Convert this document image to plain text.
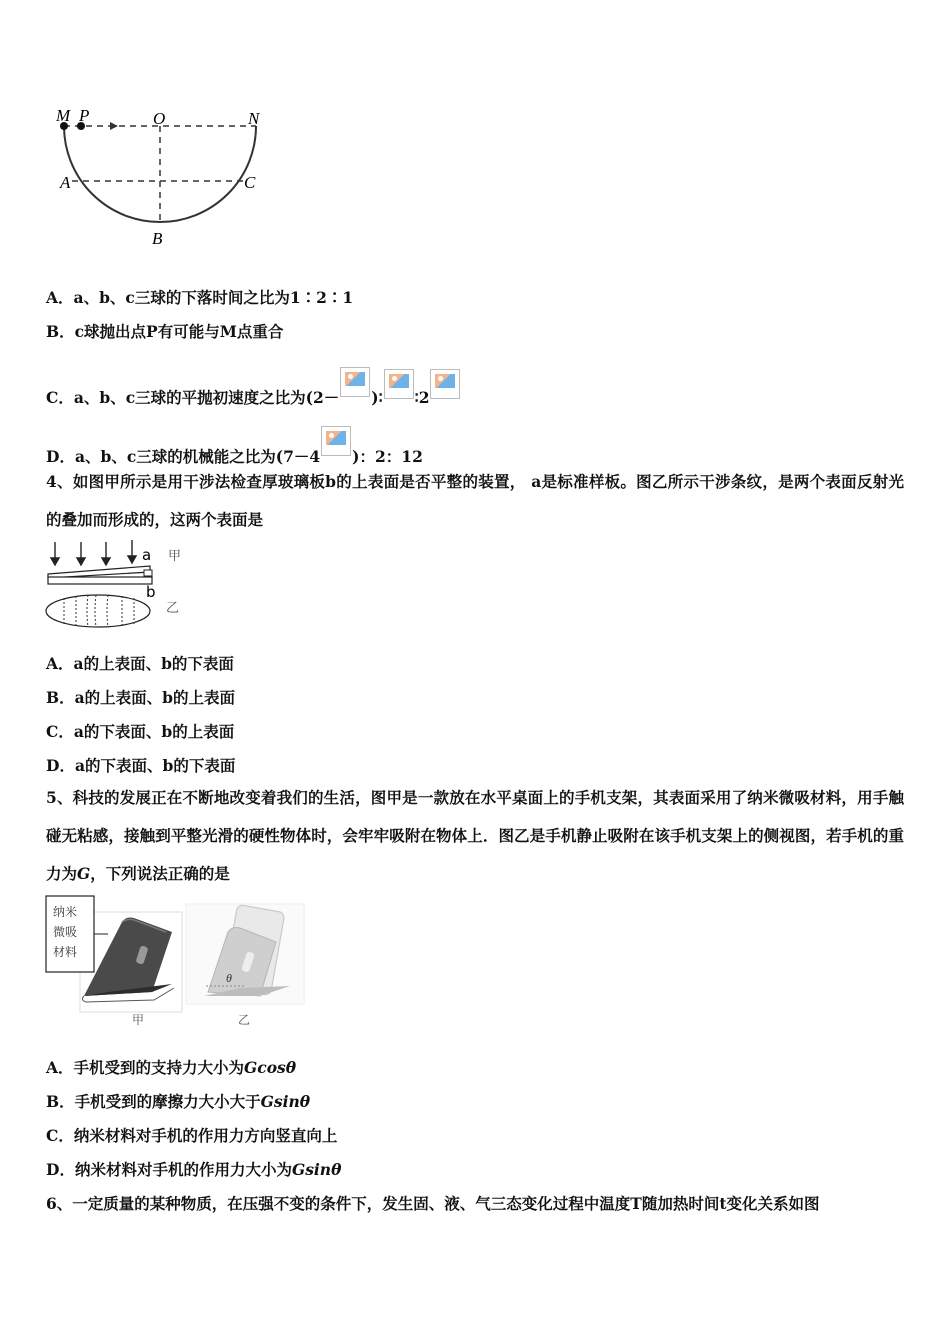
M P	O	N
A	C
B
A．a、b、c三球的下落时间之比为1∶2∶1
B．c球抛出点P有可能与M点重合
C．a、b、c三球的平抛初速度之比为(2－ )∶ ∶2
D．a、b、c三球的机械能之比为(7－4 )：2：12
4、如图甲所示是用干涉法检查厚玻璃板b的上表面是否平整的装置， a是标准样板。图乙所示干涉条纹，是两个表面反射光的叠加而形成的，这两个表面是
a
b
甲
乙
A．a的上表面、b的下表面
B．a的上表面、b的上表面
C．a的下表面、b的上表面
D．a的下表面、b的下表面
5、科技的发展正在不断地改变着我们的生活，图甲是一款放在水平桌面上的手机支架，其表面采用了纳米微吸材料，用手触碰无粘感，接触到平整光滑的硬性物体时，会牢牢吸附在物体上．图乙是手机静止吸附在该手机支架上的侧视图，若手机的重力为G，下列说法正确的是
纳米
微吸
材料
甲
θ
乙
A．手机受到的支持力大小为Gcosθ
B．手机受到的摩擦力大小大于Gsinθ
C．纳米材料对手机的作用力方向竖直向上
D．纳米材料对手机的作用力大小为Gsinθ
6、一定质量的某种物质，在压强不变的条件下，发生固、液、气三态变化过程中温度T随加热时间t变化关系如图
